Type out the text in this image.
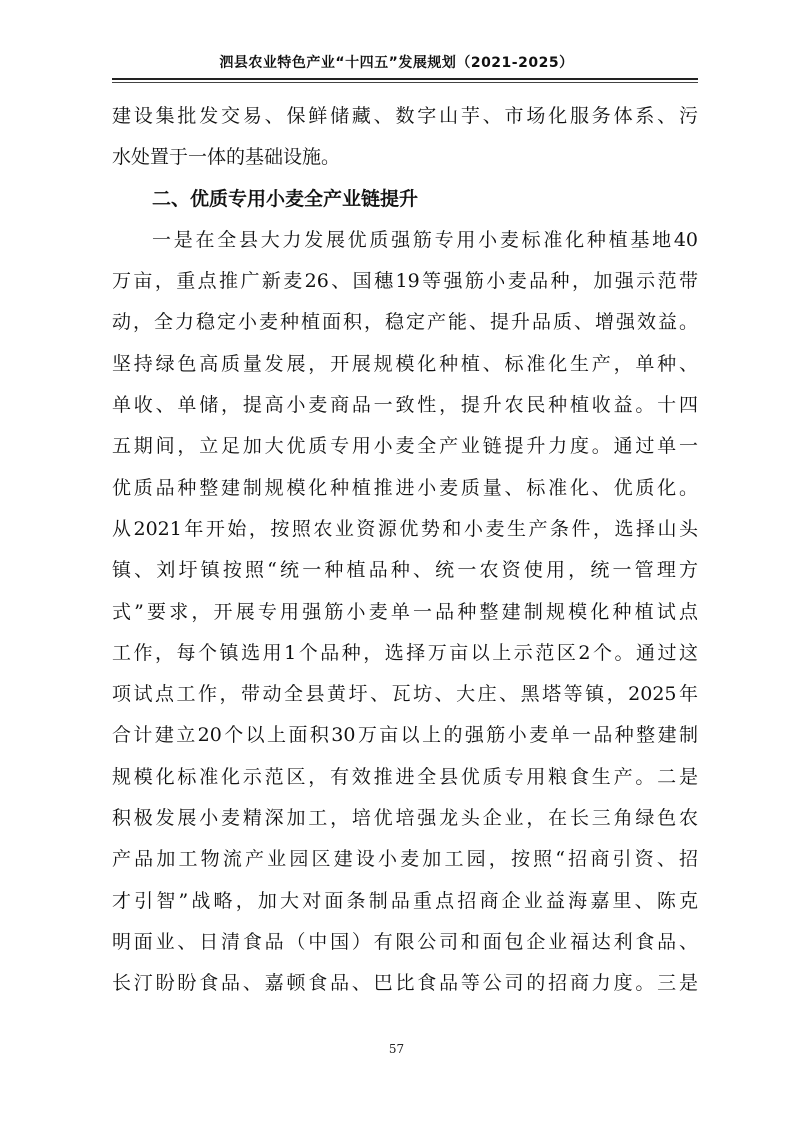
泗县农业特色产业“十四五”发展规划（2021-2025）
建设集批发交易、保鲜储藏、数字山芋、市场化服务体系、污
水处置于一体的基础设施。
二、优质专用小麦全产业链提升
一是在全县大力发展优质强筋专用小麦标准化种植基地40
万亩，重点推广新麦26、国穗19等强筋小麦品种，加强示范带
动，全力稳定小麦种植面积，稳定产能、提升品质、增强效益。
坚持绿色高质量发展，开展规模化种植、标准化生产，单种、
单收、单储，提高小麦商品一致性，提升农民种植收益。十四
五期间，立足加大优质专用小麦全产业链提升力度。通过单一
优质品种整建制规模化种植推进小麦质量、标准化、优质化。
从2021年开始，按照农业资源优势和小麦生产条件，选择山头
镇、刘圩镇按照“统一种植品种、统一农资使用，统一管理方
式”要求，开展专用强筋小麦单一品种整建制规模化种植试点
工作，每个镇选用1个品种，选择万亩以上示范区2个。通过这
项试点工作，带动全县黄圩、瓦坊、大庄、黑塔等镇，2025年
合计建立20个以上面积30万亩以上的强筋小麦单一品种整建制
规模化标准化示范区，有效推进全县优质专用粮食生产。二是
积极发展小麦精深加工，培优培强龙头企业，在长三角绿色农
产品加工物流产业园区建设小麦加工园，按照“招商引资、招
才引智”战略，加大对面条制品重点招商企业益海嘉里、陈克
明面业、日清食品（中国）有限公司和面包企业福达利食品、
长汀盼盼食品、嘉顿食品、巴比食品等公司的招商力度。三是
57
